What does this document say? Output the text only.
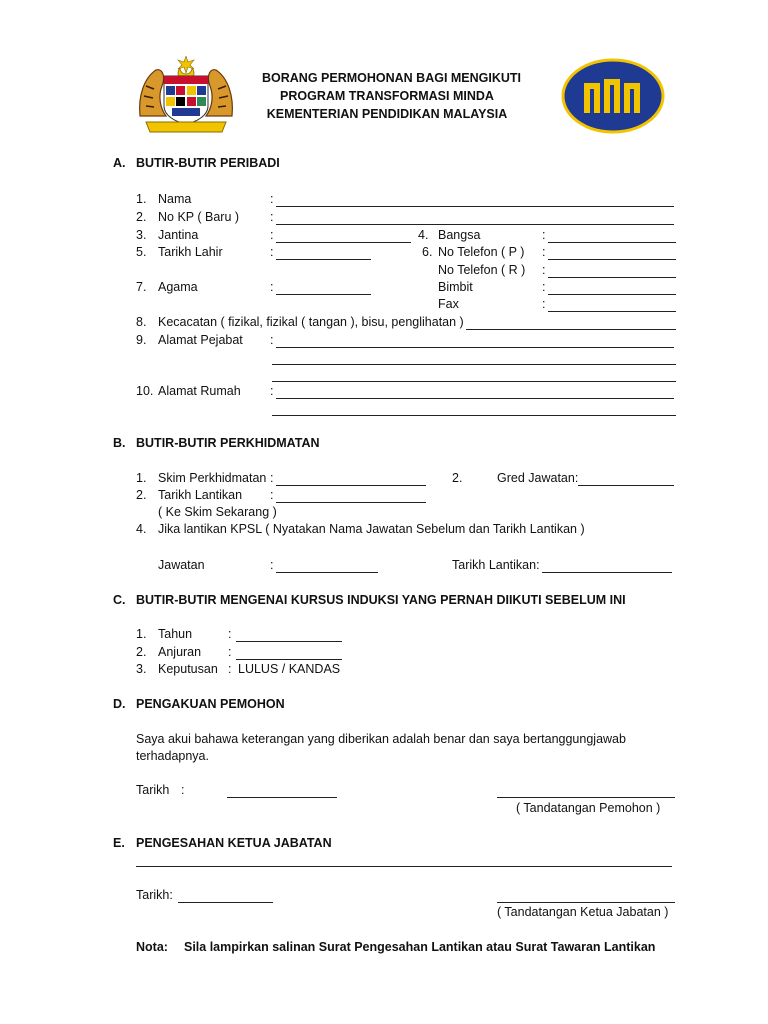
BORANG PERMOHONAN BAGI MENGIKUTI
PROGRAM TRANSFORMASI MINDA
KEMENTERIAN PENDIDIKAN MALAYSIA
A. BUTIR-BUTIR PERIBADI
1. Nama	:
2. No KP ( Baru ) :
3. Jantina	:	4. Bangsa	:
5. Tarikh Lahir	:	6. No Telefon ( P ) :
No Telefon ( R ) :
7. Agama	:	Bimbit	:
Fax	:
8. Kecacatan ( fizikal, fizikal ( tangan ), bisu, penglihatan )
9. Alamat Pejabat :
10. Alamat Rumah :
B. BUTIR-BUTIR PERKHIDMATAN
1. Skim Perkhidmatan :	2.	Gred Jawatan:
2. Tarikh Lantikan :
( Ke Skim Sekarang )
4. Jika lantikan KPSL ( Nyatakan Nama Jawatan Sebelum dan Tarikh Lantikan )
Jawatan	:	Tarikh Lantikan:
C. BUTIR-BUTIR MENGENAI KURSUS INDUKSI YANG PERNAH DIIKUTI SEBELUM INI
1. Tahun	:
2. Anjuran :
3. Keputusan : LULUS / KANDAS
D. PENGAKUAN PEMOHON
Saya akui bahawa keterangan yang diberikan adalah benar dan saya bertanggungjawab
terhadapnya.
Tarikh :
( Tandatangan Pemohon )
E. PENGESAHAN KETUA JABATAN
Tarikh:
( Tandatangan Ketua Jabatan )
Nota: Sila lampirkan salinan Surat Pengesahan Lantikan atau Surat Tawaran Lantikan
